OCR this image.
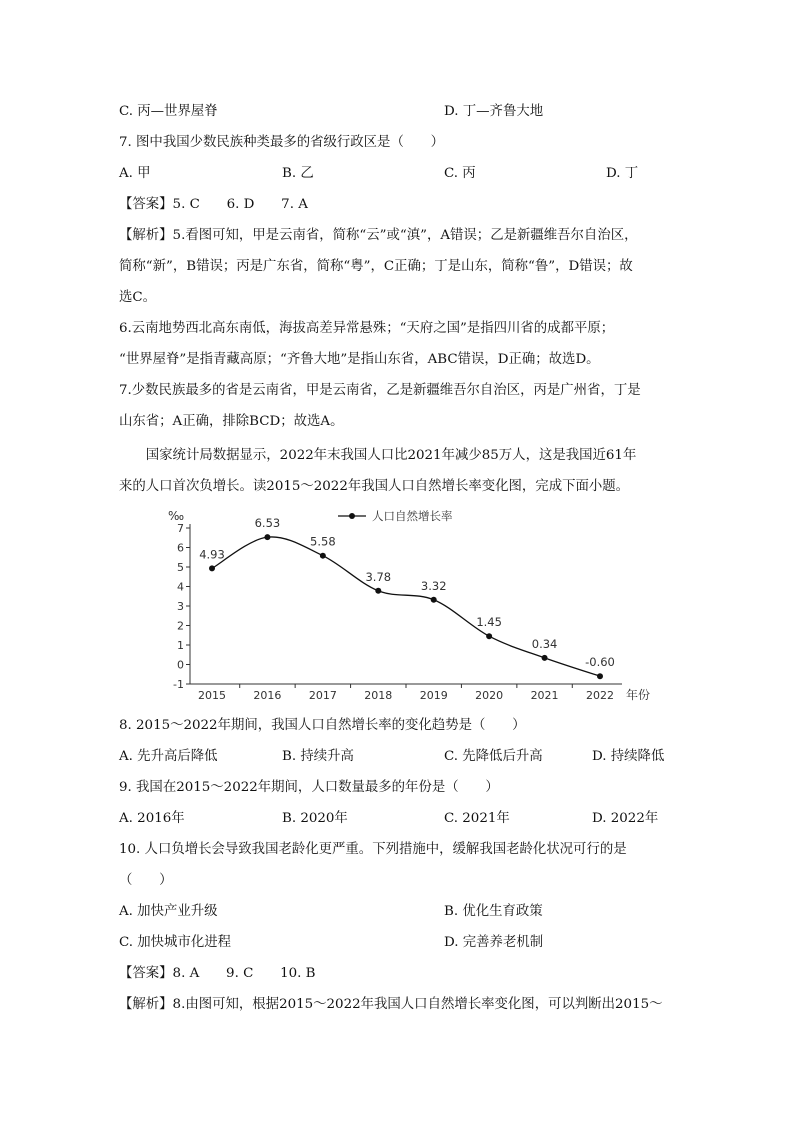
C. 丙—世界屋脊	D. 丁—齐鲁大地
7. 图中我国少数民族种类最多的省级行政区是（　　）
A. 甲	B. 乙	C. 丙	D. 丁
【答案】5. C　　6. D　　7. A
【解析】5.看图可知，甲是云南省，简称“云”或“滇”，A错误；乙是新疆维吾尔自治区，
简称“新”，B错误；丙是广东省，简称“粤”，C正确；丁是山东，简称“鲁”，D错误；故
选C。
6.云南地势西北高东南低，海拔高差异常悬殊；“天府之国”是指四川省的成都平原；
“世界屋脊”是指青藏高原；“齐鲁大地”是指山东省，ABC错误，D正确；故选D。
7.少数民族最多的省是云南省，甲是云南省，乙是新疆维吾尔自治区，丙是广州省，丁是
山东省；A正确，排除BCD；故选A。
　　国家统计局数据显示，2022年末我国人口比2021年减少85万人，这是我国近61年
来的人口首次负增长。读2015～2022年我国人口自然增长率变化图，完成下面小题。
-1
0
1
2
3
4
5
6
7
‰
2015 2016 2017 2018 2019 2020 2021 2022 年份
4.93
6.53
5.58
3.78
3.32
1.45
0.34
-0.60
人口自然增长率
8. 2015～2022年期间，我国人口自然增长率的变化趋势是（　　）
A. 先升高后降低	B. 持续升高	C. 先降低后升高	D. 持续降低
9. 我国在2015～2022年期间，人口数量最多的年份是（　　）
A. 2016年	B. 2020年	C. 2021年	D. 2022年
10. 人口负增长会导致我国老龄化更严重。下列措施中，缓解我国老龄化状况可行的是
（　　）
A. 加快产业升级	B. 优化生育政策
C. 加快城市化进程	D. 完善养老机制
【答案】8. A　　9. C　　10. B
【解析】8.由图可知，根据2015～2022年我国人口自然增长率变化图，可以判断出2015～
